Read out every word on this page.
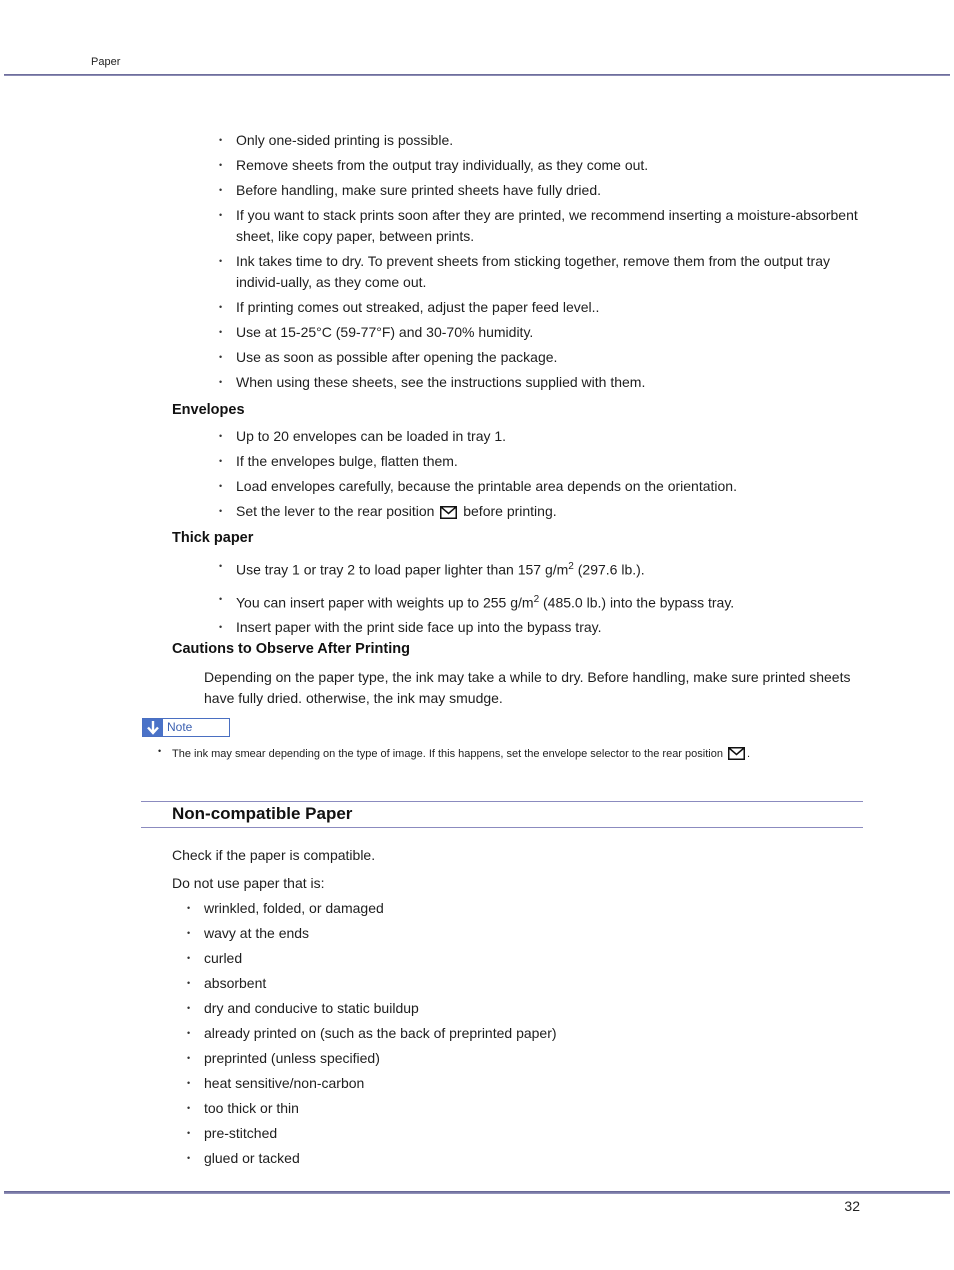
Paper
• Only one-sided printing is possible.
• Remove sheets from the output tray individually, as they come out.
• Before handling, make sure printed sheets have fully dried.
• If you want to stack prints soon after they are printed, we recommend inserting a moisture-absorbent sheet, like copy paper, between prints.
• Ink takes time to dry. To prevent sheets from sticking together, remove them from the output tray individ-ually, as they come out.
• If printing comes out streaked, adjust the paper feed level..
• Use at 15-25°C (59-77°F) and 30-70% humidity.
• Use as soon as possible after opening the package.
• When using these sheets, see the instructions supplied with them.
Envelopes
• Up to 20 envelopes can be loaded in tray 1.
• If the envelopes bulge, flatten them.
• Load envelopes carefully, because the printable area depends on the orientation.
• Set the lever to the rear position before printing.
Thick paper
• Use tray 1 or tray 2 to load paper lighter than 157 $g/m^2$ (297.6 lb.).
• You can insert paper with weights up to 255 $g/m^2$ (485.0 lb.) into the bypass tray.
• Insert paper with the print side face up into the bypass tray.
Cautions to Observe After Printing
Depending on the paper type, the ink may take a while to dry. Before handling, make sure printed sheets have fully dried. otherwise, the ink may smudge.
Note
• The ink may smear depending on the type of image. If this happens, set the envelope selector to the rear position .
Non-compatible Paper
Check if the paper is compatible.
Do not use paper that is:
• wrinkled, folded, or damaged
• wavy at the ends
• curled
• absorbent
• dry and conducive to static buildup
• already printed on (such as the back of preprinted paper)
• preprinted (unless specified)
• heat sensitive/non-carbon
• too thick or thin
• pre-stitched
• glued or tacked
32
